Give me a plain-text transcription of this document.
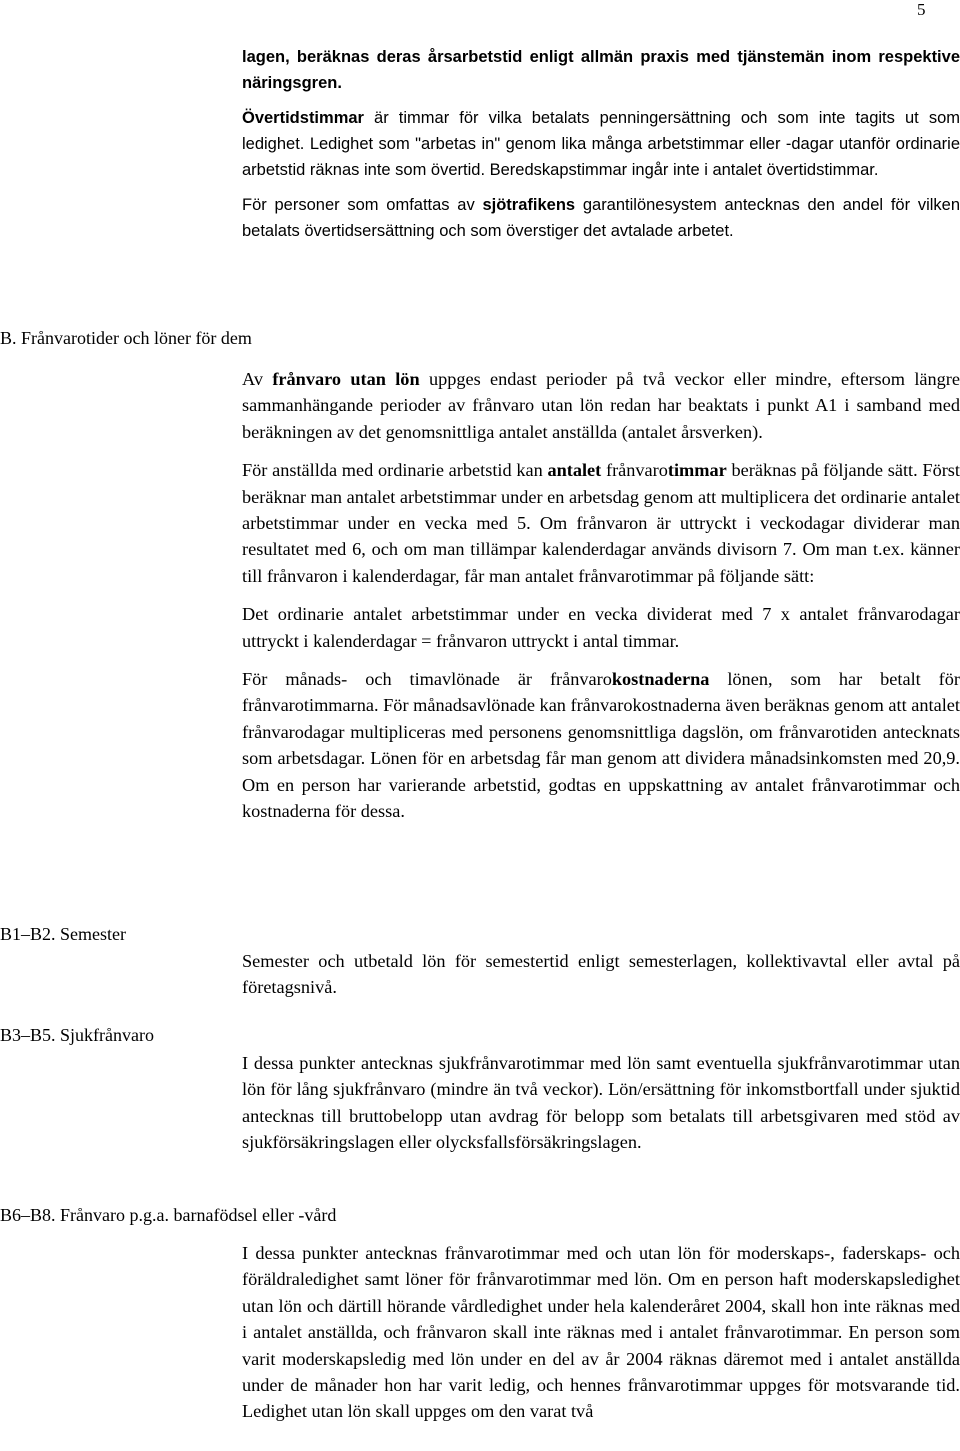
5

lagen, beräknas deras årsarbetstid enligt allmän praxis med tjänstemän inom respektive näringsgren.

Övertidstimmar är timmar för vilka betalats penningersättning och som inte tagits ut som ledighet. Ledighet som "arbetas in" genom lika många arbetstimmar eller -dagar utanför ordinarie arbetstid räknas inte som övertid. Beredskapstimmar ingår inte i antalet övertidstimmar.

För personer som omfattas av sjötrafikens garantilönesystem antecknas den andel för vilken betalats övertidsersättning och som överstiger det avtalade arbetet.

B. Frånvarotider och löner för dem

Av frånvaro utan lön uppges endast perioder på två veckor eller mindre, eftersom längre sammanhängande perioder av frånvaro utan lön redan har beaktats i punkt A1 i samband med beräkningen av det genomsnittliga antalet anställda (antalet årsverken).

För anställda med ordinarie arbetstid kan antalet frånvarotimmar beräknas på följande sätt. Först beräknar man antalet arbetstimmar under en arbetsdag genom att multiplicera det ordinarie antalet arbetstimmar under en vecka med 5. Om frånvaron är uttryckt i veckodagar dividerar man resultatet med 6, och om man tillämpar kalenderdagar används divisorn 7. Om man t.ex. känner till frånvaron i kalenderdagar, får man antalet frånvarotimmar på följande sätt:

Det ordinarie antalet arbetstimmar under en vecka dividerat med 7 x antalet frånvarodagar uttryckt i kalenderdagar = frånvaron uttryckt i antal timmar.

För månads- och timavlönade är frånvarokostnaderna lönen, som har betalt för frånvarotimmarna. För månadsavlönade kan frånvarokostnaderna även beräknas genom att antalet frånvarodagar multipliceras med personens genomsnittliga dagslön, om frånvarotiden antecknats som arbetsdagar. Lönen för en arbetsdag får man genom att dividera månadsinkomsten med 20,9. Om en person har varierande arbetstid, godtas en uppskattning av antalet frånvarotimmar och kostnaderna för dessa.

B1–B2. Semester

Semester och utbetald lön för semestertid enligt semesterlagen, kollektivavtal eller avtal på företagsnivå.

B3–B5. Sjukfrånvaro

I dessa punkter antecknas sjukfrånvarotimmar med lön samt eventuella sjukfrånvarotimmar utan lön för lång sjukfrånvaro (mindre än två veckor). Lön/ersättning för inkomstbortfall under sjuktid antecknas till bruttobelopp utan avdrag för belopp som betalats till arbetsgivaren med stöd av sjukförsäkringslagen eller olycksfallsförsäkringslagen.

B6–B8. Frånvaro p.g.a. barnafödsel eller -vård

I dessa punkter antecknas frånvarotimmar med och utan lön för moderskaps-, faderskaps- och föräldraledighet samt löner för frånvarotimmar med lön. Om en person haft moderskapsledighet utan lön och därtill hörande vårdledighet under hela kalenderåret 2004, skall hon inte räknas med i antalet anställda, och frånvaron skall inte räknas med i antalet frånvarotimmar. En person som varit moderskapsledig med lön under en del av år 2004 räknas däremot med i antalet anställda under de månader hon har varit ledig, och hennes frånvarotimmar uppges för motsvarande tid. Ledighet utan lön skall uppges om den varat två
